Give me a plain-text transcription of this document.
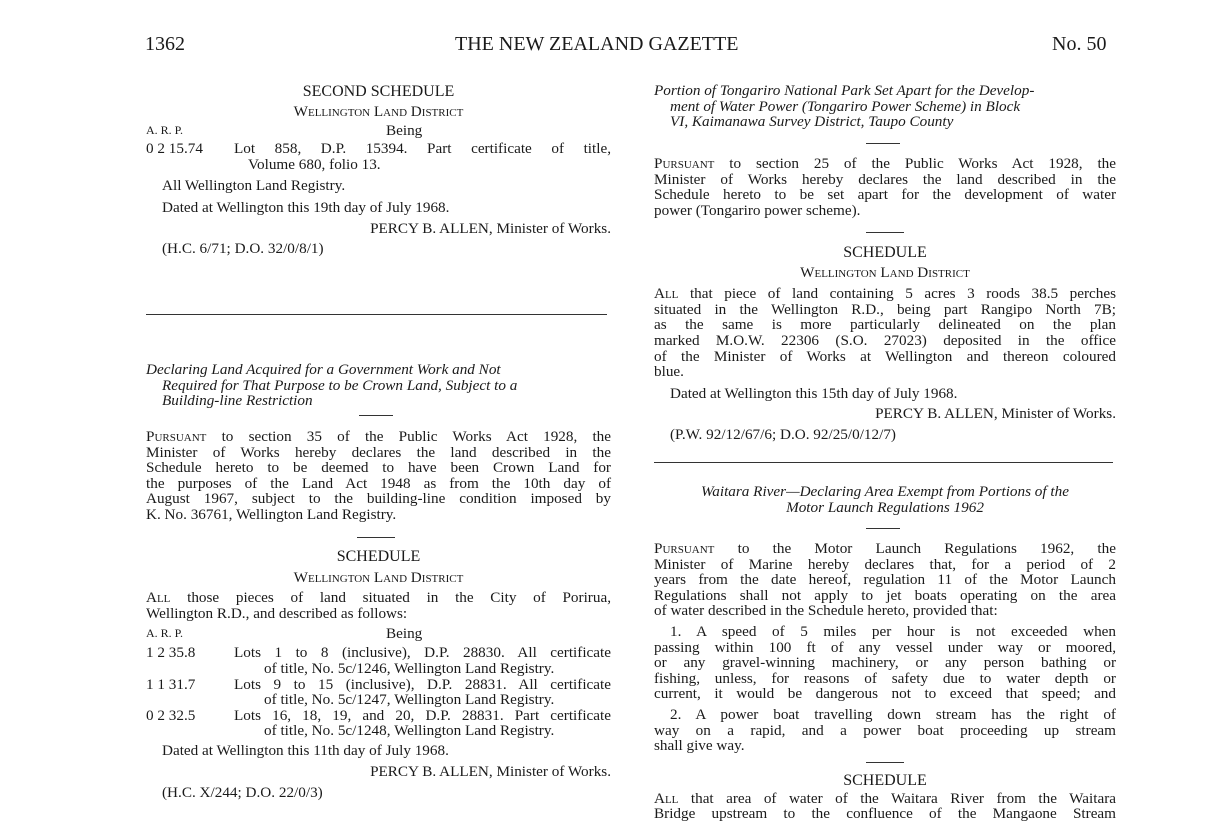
1362	THE NEW ZEALAND GAZETTE	No. 50

SECOND SCHEDULE

Wellington Land District

A. R. P.	Being
0 2 15.74 Lot 858, D.P. 15394. Part certificate of title,
Volume 680, folio 13.

All Wellington Land Registry.

Dated at Wellington this 19th day of July 1968.

PERCY B. ALLEN, Minister of Works.

(H.C. 6/71; D.O. 32/0/8/1)

Declaring Land Acquired for a Government Work and Not

Required for That Purpose to be Crown Land, Subject to a

Building-line Restriction

Pursuant to section 35 of the Public Works Act 1928, the

Minister of Works hereby declares the land described in the

Schedule hereto to be deemed to have been Crown Land for

the purposes of the Land Act 1948 as from the 10th day of

August 1967, subject to the building-line condition imposed by

K. No. 36761, Wellington Land Registry.

SCHEDULE

Wellington Land District

All those pieces of land situated in the City of Porirua,

Wellington R.D., and described as follows:

A. R. P.	Being
1 2 35.8	Lots 1 to 8 (inclusive), D.P. 28830. All certificate
of title, No. 5c/1246, Wellington Land Registry.
1 1 31.7	Lots 9 to 15 (inclusive), D.P. 28831. All certificate
of title, No. 5c/1247, Wellington Land Registry.
0 2 32.5	Lots 16, 18, 19, and 20, D.P. 28831. Part certificate
of title, No. 5c/1248, Wellington Land Registry.

Dated at Wellington this 11th day of July 1968.

PERCY B. ALLEN, Minister of Works.

(H.C. X/244; D.O. 22/0/3)

Portion of Tongariro National Park Set Apart for the Develop-

ment of Water Power (Tongariro Power Scheme) in Block

VI, Kaimanawa Survey District, Taupo County

Pursuant to section 25 of the Public Works Act 1928, the

Minister of Works hereby declares the land described in the

Schedule hereto to be set apart for the development of water

power (Tongariro power scheme).

SCHEDULE

Wellington Land District

All that piece of land containing 5 acres 3 roods 38.5 perches

situated in the Wellington R.D., being part Rangipo North 7B;

as the same is more particularly delineated on the plan

marked M.O.W. 22306 (S.O. 27023) deposited in the office

of the Minister of Works at Wellington and thereon coloured

blue.

Dated at Wellington this 15th day of July 1968.

PERCY B. ALLEN, Minister of Works.

(P.W. 92/12/67/6; D.O. 92/25/0/12/7)

Waitara River—Declaring Area Exempt from Portions of the

Motor Launch Regulations 1962

Pursuant to the Motor Launch Regulations 1962, the

Minister of Marine hereby declares that, for a period of 2

years from the date hereof, regulation 11 of the Motor Launch

Regulations shall not apply to jet boats operating on the area

of water described in the Schedule hereto, provided that:

1. A speed of 5 miles per hour is not exceeded when

passing within 100 ft of any vessel under way or moored,

or any gravel-winning machinery, or any person bathing or

fishing, unless, for reasons of safety due to water depth or

current, it would be dangerous not to exceed that speed; and

2. A power boat travelling down stream has the right of

way on a rapid, and a power boat proceeding up stream

shall give way.

SCHEDULE

All that area of water of the Waitara River from the Waitara

Bridge upstream to the confluence of the Mangaone Stream
